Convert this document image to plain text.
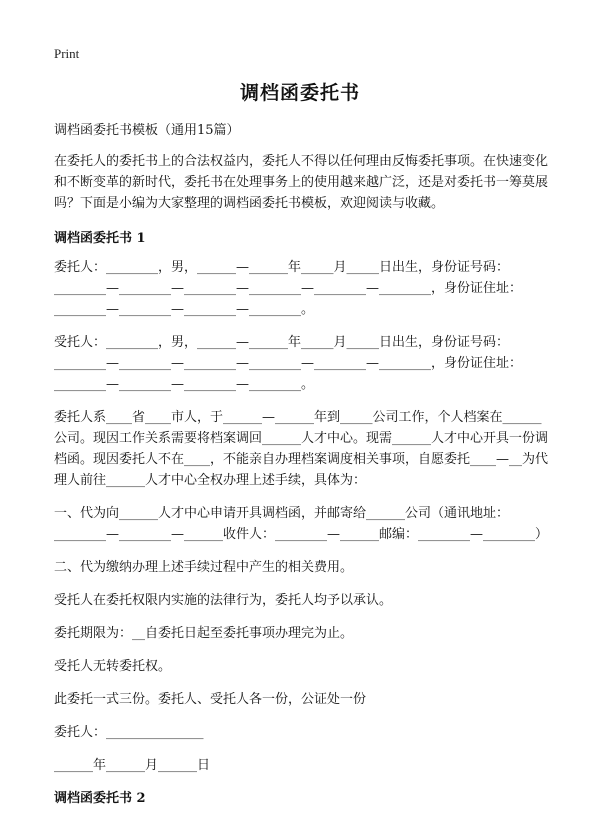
Print
调档函委托书

调档函委托书模板（通用15篇）

在委托人的委托书上的合法权益内，委托人不得以任何理由反悔委托事项。在快速变化和不断变革的新时代，委托书在处理事务上的使用越来越广泛，还是对委托书一筹莫展吗？下面是小编为大家整理的调档函委托书模板，欢迎阅读与收藏。

调档函委托书 1

委托人：________，男，______—______年_____月_____日出生，身份证号码：________—________—________—________—________—________，身份证住址：________—________—________—________。

受托人：________，男，______—______年_____月_____日出生，身份证号码：________—________—________—________—________—________，身份证住址：________—________—________—________。

委托人系____省____市人，于______—______年到_____公司工作，个人档案在______公司。现因工作关系需要将档案调回______人才中心。现需______人才中心开具一份调档函。现因委托人不在____，不能亲自办理档案调度相关事项，自愿委托____—__为代理人前往______人才中心全权办理上述手续，具体为：

一、代为向______人才中心申请开具调档函，并邮寄给______公司（通讯地址：________—________—______收件人：________—______邮编：________—________）

二、代为缴纳办理上述手续过程中产生的相关费用。

受托人在委托权限内实施的法律行为，委托人均予以承认。

委托期限为：__自委托日起至委托事项办理完为止。

受托人无转委托权。

此委托一式三份。委托人、受托人各一份，公证处一份

委托人：_______________

______年______月______日

调档函委托书 2
